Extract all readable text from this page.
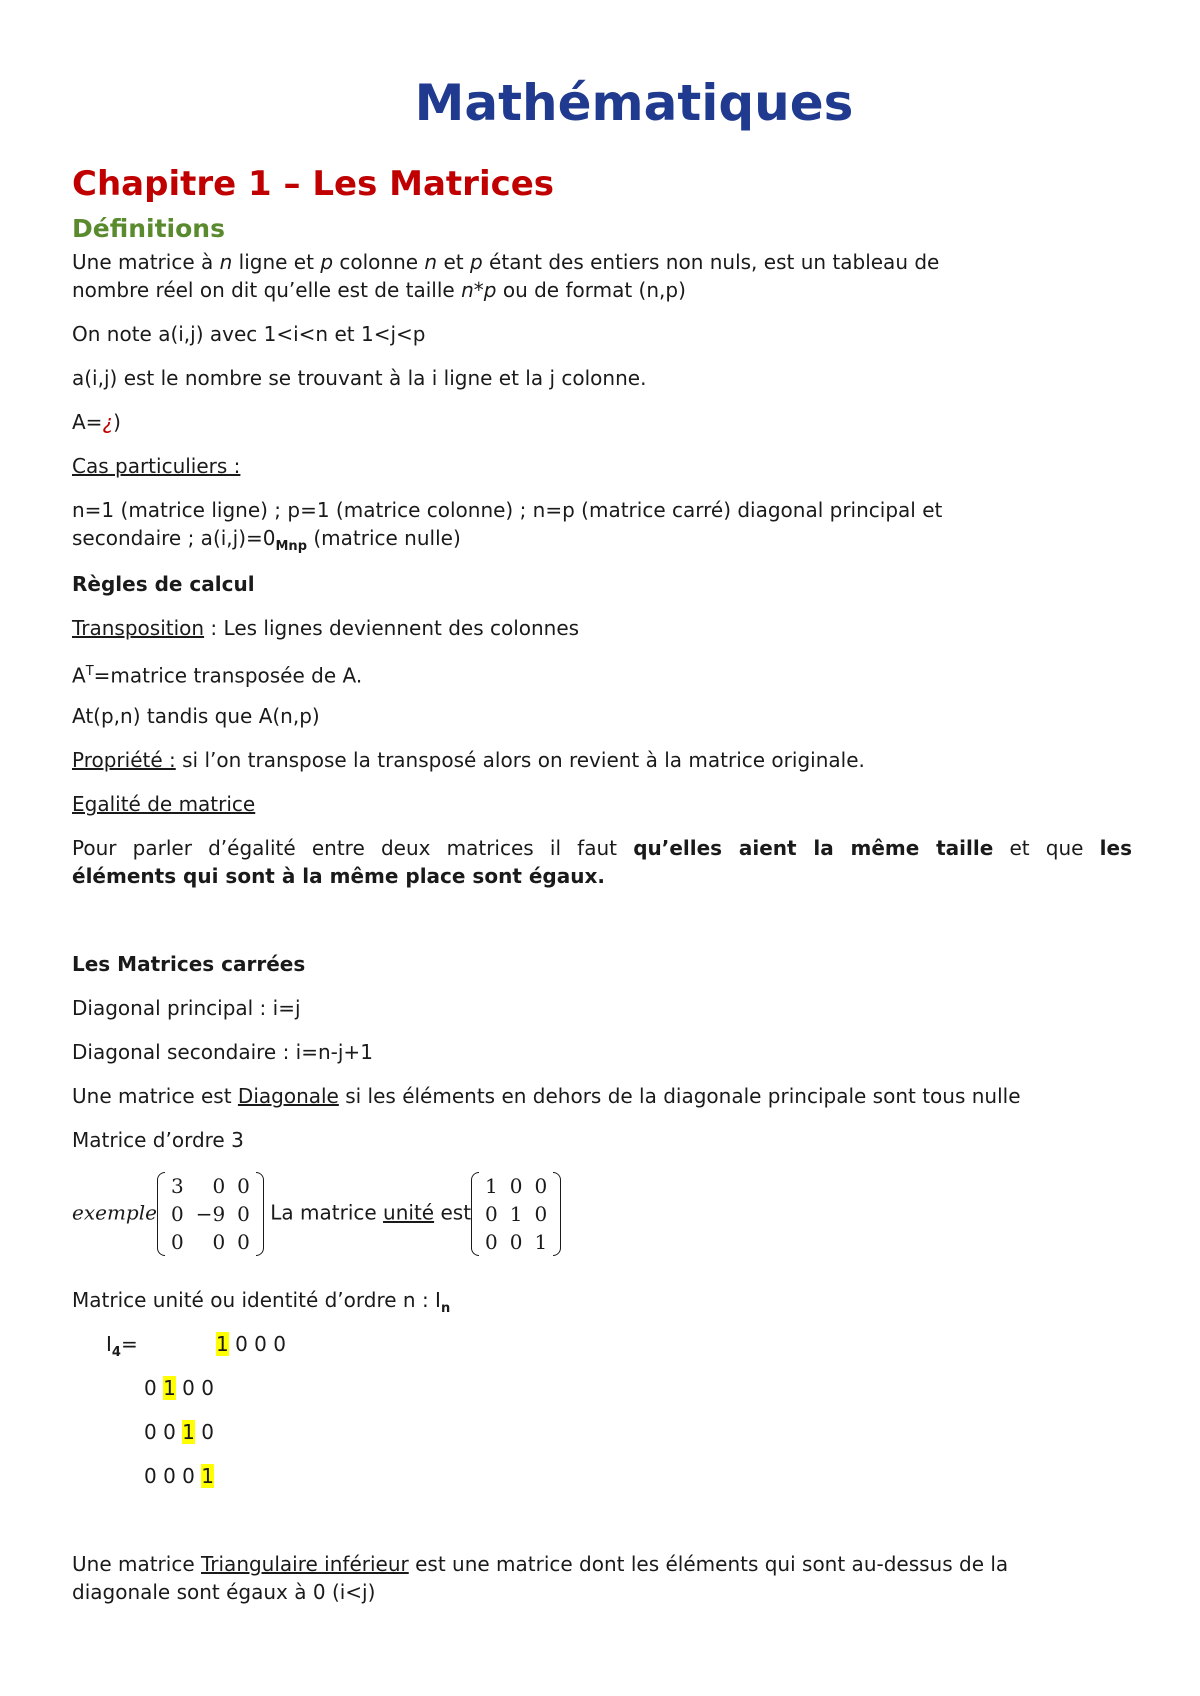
Mathématiques
Chapitre 1 – Les Matrices
Définitions
Une matrice à n ligne et p colonne n et p étant des entiers non nuls, est un tableau de
nombre réel on dit qu’elle est de taille n*p ou de format (n,p)
On note a(i,j) avec 1<i<n et 1<j<p
a(i,j) est le nombre se trouvant à la i ligne et la j colonne.
A=¿)
Cas particuliers :
n=1 (matrice ligne) ; p=1 (matrice colonne) ; n=p (matrice carré) diagonal principal et
secondaire ; $a(i,j)=0_{Mnp}$ (matrice nulle)
Règles de calcul
Transposition : Les lignes deviennent des colonnes
$A^T=matrice$ transposée de A.
At(p,n) tandis que A(n,p)
Propriété : si l’on transpose la transposé alors on revient à la matrice originale.
Egalité de matrice
Pour parler d’égalité entre deux matrices il faut qu’elles aient la même taille et que les
éléments qui sont à la même place sont égaux.
Les Matrices carrées
Diagonal principal : i=j
Diagonal secondaire : i=n-j+1
Une matrice est Diagonale si les éléments en dehors de la diagonale principale sont tous nulle
Matrice d’ordre 3
exemple
3	0	0
0	−9	0
0	0	0
La matrice unité est
1	0	0
0	1	0
0	0	1
Matrice unité ou identité d’ordre n : $I_n$
$I_4=$	1 0 0 0
0 1 0 0
0 0 1 0
0 0 0 1
Une matrice Triangulaire inférieur est une matrice dont les éléments qui sont au-dessus de la
diagonale sont égaux à 0 (i<j)
